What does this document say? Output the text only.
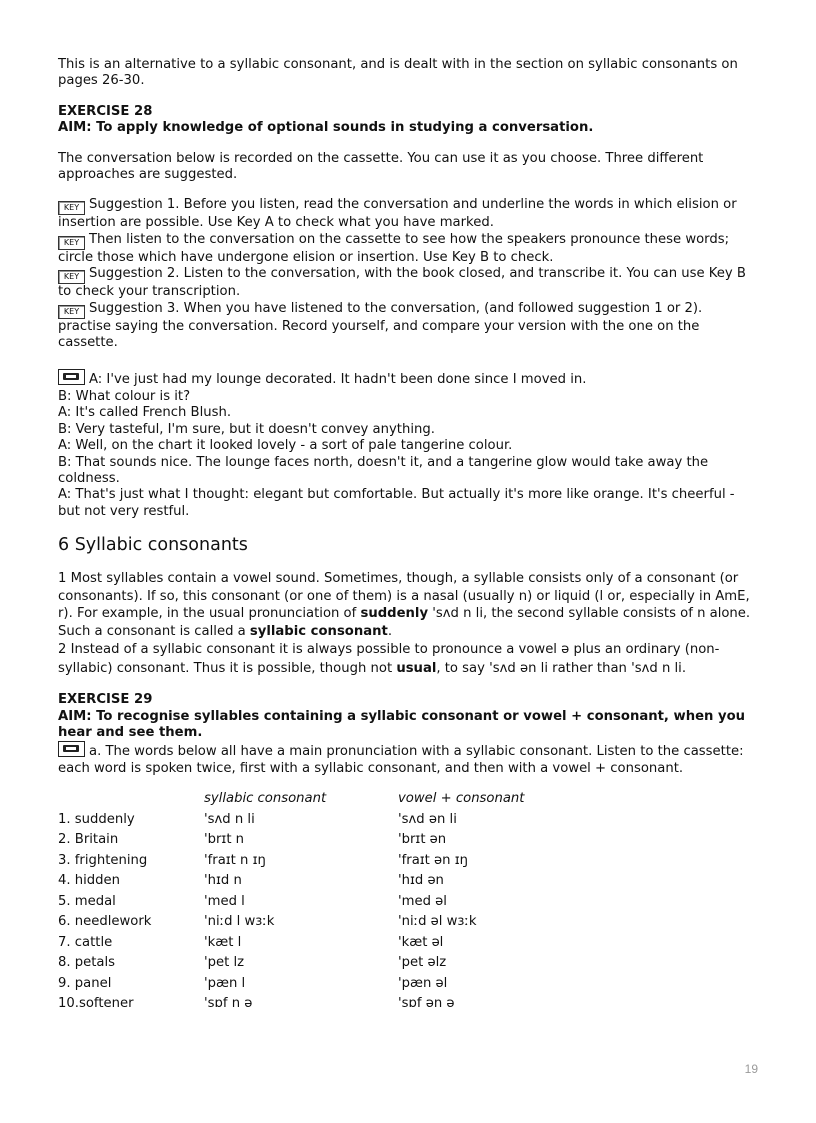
This is an alternative to a syllabic consonant, and is dealt with in the section on syllabic consonants on pages 26-30.

EXERCISE 28

AIM: To apply knowledge of optional sounds in studying a conversation.

The conversation below is recorded on the cassette. You can use it as you choose. Three different approaches are suggested.

KEY Suggestion 1. Before you listen, read the conversation and underline the words in which elision or insertion are possible. Use Key A to check what you have marked.

KEY Then listen to the conversation on the cassette to see how the speakers pronounce these words; circle those which have undergone elision or insertion. Use Key B to check.

KEY Suggestion 2. Listen to the conversation, with the book closed, and transcribe it. You can use Key B to check your transcription.

KEY Suggestion 3. When you have listened to the conversation, (and followed suggestion 1 or 2). practise saying the conversation. Record yourself, and compare your version with the one on the cassette.

A: I've just had my lounge decorated. It hadn't been done since I moved in.

B: What colour is it?

A: It's called French Blush.

B: Very tasteful, I'm sure, but it doesn't convey anything.

A: Well, on the chart it looked lovely - a sort of pale tangerine colour.

B: That sounds nice. The lounge faces north, doesn't it, and a tangerine glow would take away the coldness.

A: That's just what I thought: elegant but comfortable. But actually it's more like orange. It's cheerful - but not very restful.

6 Syllabic consonants

1 Most syllables contain a vowel sound. Sometimes, though, a syllable consists only of a consonant (or consonants). If so, this consonant (or one of them) is a nasal (usually n) or liquid (l or, especially in AmE, r). For example, in the usual pronunciation of suddenly 'sʌd n li, the second syllable consists of n alone. Such a consonant is called a syllabic consonant.

2 Instead of a syllabic consonant it is always possible to pronounce a vowel ə plus an ordinary (non-syllabic) consonant. Thus it is possible, though not usual, to say 'sʌd ən li rather than 'sʌd n li.

EXERCISE 29

AIM: To recognise syllables containing a syllabic consonant or vowel + consonant, when you hear and see them.

a. The words below all have a main pronunciation with a syllabic consonant. Listen to the cassette: each word is spoken twice, first with a syllabic consonant, and then with a vowel + consonant.

	syllabic consonant	vowel + consonant
1. suddenly	'sʌd n li	'sʌd ən li
2. Britain	'brɪt n	'brɪt ən
3. frightening	'fraɪt n ɪŋ	'fraɪt ən ɪŋ
4. hidden	'hɪd n	'hɪd ən
5. medal	'med l	'med əl
6. needlework	'niːd l wɜːk	'niːd əl wɜːk
7. cattle	'kæt l	'kæt əl
8. petals	'pet lz	'pet əlz
9. panel	'pæn l	'pæn əl
10.softener	'sɒf n ə	'sɒf ən ə
19
